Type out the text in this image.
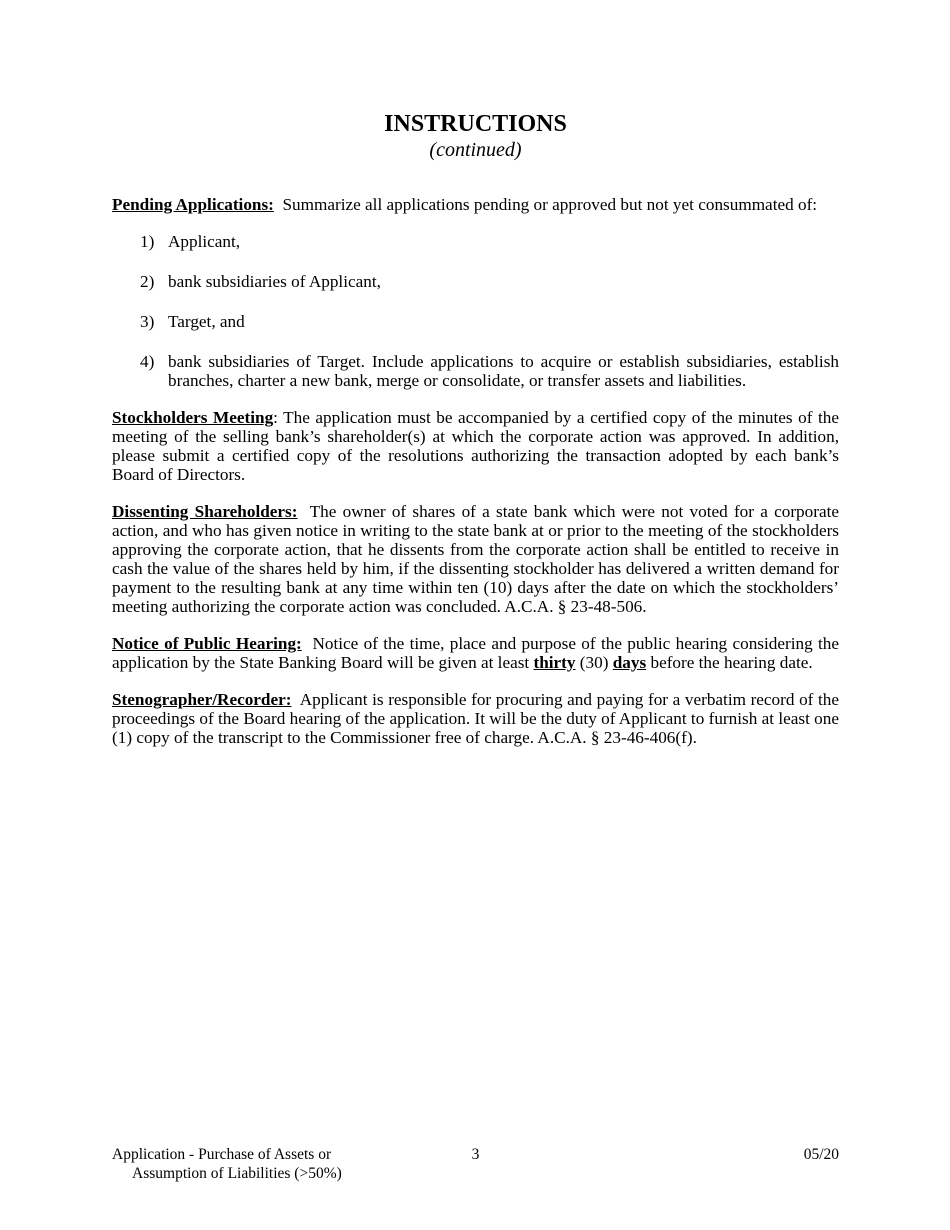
INSTRUCTIONS

(continued)

Pending Applications: Summarize all applications pending or approved but not yet consummated of:

1) Applicant,
2) bank subsidiaries of Applicant,
3) Target, and
4) bank subsidiaries of Target. Include applications to acquire or establish subsidiaries, establish branches, charter a new bank, merge or consolidate, or transfer assets and liabilities.

Stockholders Meeting: The application must be accompanied by a certified copy of the minutes of the meeting of the selling bank’s shareholder(s) at which the corporate action was approved. In addition, please submit a certified copy of the resolutions authorizing the transaction adopted by each bank’s Board of Directors.

Dissenting Shareholders: The owner of shares of a state bank which were not voted for a corporate action, and who has given notice in writing to the state bank at or prior to the meeting of the stockholders approving the corporate action, that he dissents from the corporate action shall be entitled to receive in cash the value of the shares held by him, if the dissenting stockholder has delivered a written demand for payment to the resulting bank at any time within ten (10) days after the date on which the stockholders’ meeting authorizing the corporate action was concluded. A.C.A. § 23-48-506.

Notice of Public Hearing: Notice of the time, place and purpose of the public hearing considering the application by the State Banking Board will be given at least thirty (30) days before the hearing date.

Stenographer/Recorder: Applicant is responsible for procuring and paying for a verbatim record of the proceedings of the Board hearing of the application. It will be the duty of Applicant to furnish at least one (1) copy of the transcript to the Commissioner free of charge. A.C.A. § 23-46-406(f).

Application - Purchase of Assets or
Assumption of Liabilities (>50%)
3	05/20
